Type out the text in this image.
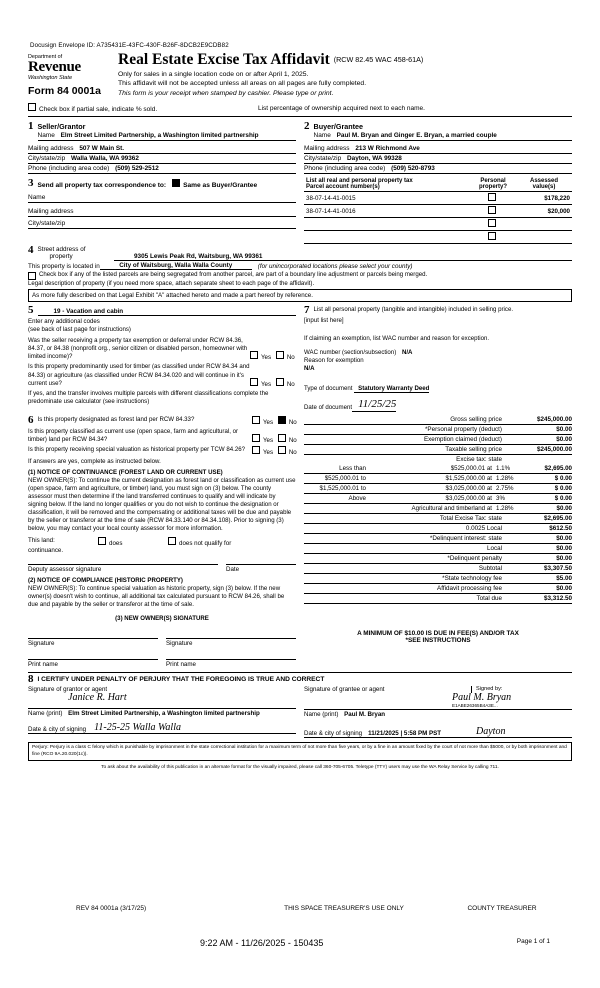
Docusign Envelope ID: A735431E-43FC-430F-B26F-8DCB2E9CDB82
Department of
Revenue
Washington State
Form 84 0001a
Real Estate Excise Tax Affidavit (RCW 82.45 WAC 458-61A)
Only for sales in a single location code on or after April 1, 2025.
This affidavit will not be accepted unless all areas on all pages are fully completed.
This form is your receipt when stamped by cashier. Please type or print.
Check box if partial sale, indicate % sold.	List percentage of ownership acquired next to each name.
1 Seller/Grantor
Name Elm Street Limited Partnership, a Washington limited partnership
Mailing address 507 W Main St.
City/state/zip Walla Walla, WA 99362
Phone (including area code) (509) 529-2512
2 Buyer/Grantee
Name Paul M. Bryan and Ginger E. Bryan, a married couple
Mailing address 213 W Richmond Ave
City/state/zip Dayton, WA 99328
Phone (including area code) (509) 520-8793
3 Send all property tax correspondence to:	Same as Buyer/Grantee
Name
Mailing address
City/state/zip
List all real and personal property tax
Parcel account number(s)	Personal
property?	Assessed
value(s)
38-07-14-41-0015		$178,220
38-07-14-41-0016		$20,000

4 Street address of
property	9305 Lewis Peak Rd, Waitsburg, WA 99361
This property is located in	City of Waitsburg, Walla Walla County	(for unincorporated locations please select your county)
Check box if any of the listed parcels are being segregated from another parcel, are part of a boundary line adjustment or parcels being merged.
Legal description of property (if you need more space, attach separate sheet to each page of the affidavit).
As more fully described on that Legal Exhibit "A" attached hereto and made a part hereof by reference.
5	19 - Vacation and cabin
Enter any additional codes
(see back of last page for instructions)
Was the seller receiving a property tax exemption or deferral under RCW 84.36, 84.37, or 84.38 (nonprofit org., senior citizen or disabled person, homeowner with limited income)?	Yes	No
Is this property predominantly used for timber (as classified under RCW 84.34 and 84.33) or agriculture (as classified under RCW 84.34.020 and will continue in it's current use?	Yes	No
If yes, and the transfer involves multiple parcels with different classifications complete the predominate use calculator (see instructions)
7 List all personal property (tangible and intangible) included in selling price.
[input list here]
If claiming an exemption, list WAC number and reason for exception.
WAC number (section/subsection) N/A
Reason for exemption
N/A
Type of document Statutory Warranty Deed
Date of document 11/25/25
6 Is this property designated as forest land per RCW 84.33?	Yes	No
Is this property classified as current use (open space, farm and agricultural, or timber) land per RCW 84.34?	Yes	No
Is this property receiving special valuation as historical property per TCW 84.26?	Yes	No
If answers are yes, complete as instructed below.
(1) NOTICE OF CONTINUANCE (FOREST LAND OR CURRENT USE)
NEW OWNER(S): To continue the current designation as forest land or classification as current use (open space, farm and agriculture, or timber) land, you must sign on (3) below. The county assessor must then determine if the land transferred continues to qualify and will indicate by signing below. If the land no longer qualifies or you do not wish to continue the designation or classification, it will be removed and the compensating or additional taxes will be due and payable by the seller or transferor at the time of sale (RCW 84.33.140 or 84.34.108). Prior to signing (3) below, you may contact your local county assessor for more information.
This land:	does	does not qualify for
continuance.
Deputy assessor signature	Date
(2) NOTICE OF COMPLIANCE (HISTORIC PROPERTY)
NEW OWNER(S): To continue special valuation as historic property, sign (3) below. If the new owner(s) doesn't wish to continue, all additional tax calculated pursuant to RCW 84.26, shall be due and payable by the seller or transferor at the time of sale.
(3) NEW OWNER(S) SIGNATURE
Signature	Signature
Print name	Print name
Gross selling price	$245,000.00
*Personal property (deduct)	$0.00
Exemption claimed (deduct)	$0.00
Taxable selling price	$245,000.00
Excise tax: state
Less than	$525,000.01 at 1.1%	$2,695.00
$525,000.01 to	$1,525,000.00 at 1.28%	$ 0.00
$1,525,000.01 to	$3,025,000.00 at 2.75%	$ 0.00
Above	$3,025,000.00 at 3%	$ 0.00
Agricultural and timberland at 1.28%	$0.00
Total Excise Tax: state	$2,695.00
0.0025 Local	$612.50
*Delinquent interest: state	$0.00
Local	$0.00
*Delinquent penalty	$0.00
Subtotal	$3,307.50
*State technology fee	$5.00
Affidavit processing fee	$0.00
Total due	$3,312.50
A MINIMUM OF $10.00 IS DUE IN FEE(S) AND/OR TAX
*SEE INSTRUCTIONS
8 I CERTIFY UNDER PENALTY OF PERJURY THAT THE FOREGOING IS TRUE AND CORRECT
Signature of grantor or agent
Janice R. Hart
Name (print) Elm Street Limited Partnership, a Washington limited partnership
Date & city of signing 11-25-25 Walla Walla
Signature of grantee or agent	Signed by:
Paul M. Bryan
E1ABE26365B4A3E...
Name (print) Paul M. Bryan
Date & city of signing 11/21/2025 | 5:58 PM PST	Dayton
Perjury: Perjury is a class C felony which is punishable by imprisonment in the state correctional institution for a maximum term of not more than five years, or by a fine in an amount fixed by the court of not more than $5000, or by both imprisonment and fine (RCO 9A.20.020(1c)).
To ask about the availability of this publication in an alternate format for the visually impaired, please call 360-705-6705. Teletype (TTY) users may use the WA Relay Service by calling 711.
REV 84 0001a (3/17/25)	THIS SPACE TREASURER'S USE ONLY	COUNTY TREASURER
Page 1 of 1
9:22 AM - 11/26/2025 - 150435
